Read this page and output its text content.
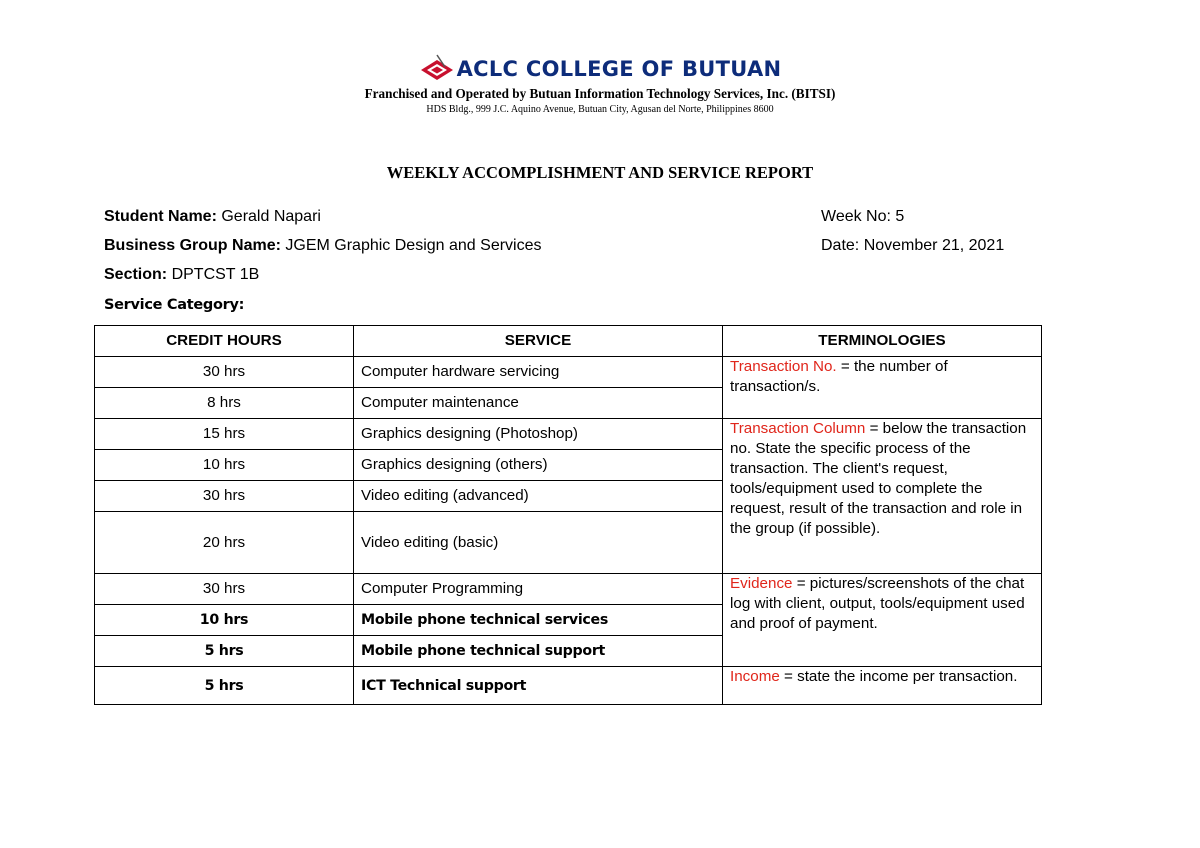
ACLC COLLEGE OF BUTUAN
Franchised and Operated by Butuan Information Technology Services, Inc. (BITSI)
HDS Bldg., 999 J.C. Aquino Avenue, Butuan City, Agusan del Norte, Philippines 8600
WEEKLY ACCOMPLISHMENT AND SERVICE REPORT
Student Name: Gerald Napari
Business Group Name: JGEM Graphic Design and Services
Section: DPTCST 1B
Week No: 5
Date: November 21, 2021
Service Category:
CREDIT HOURS	SERVICE	TERMINOLOGIES
30 hrs	Computer hardware servicing	Transaction No. = the number of transaction/s.
8 hrs	Computer maintenance	
15 hrs	Graphics designing (Photoshop)	Transaction Column = below the transaction no. State the specific process of the transaction. The client's request, tools/equipment used to complete the request, result of the transaction and role in the group (if possible).
10 hrs	Graphics designing (others)	
30 hrs	Video editing (advanced)	
20 hrs	Video editing (basic)	
30 hrs	Computer Programming	Evidence = pictures/screenshots of the chat log with client, output, tools/equipment used and proof of payment.
10 hrs	Mobile phone technical services	
5 hrs	Mobile phone technical support	
5 hrs	ICT Technical support	Income = state the income per transaction.
